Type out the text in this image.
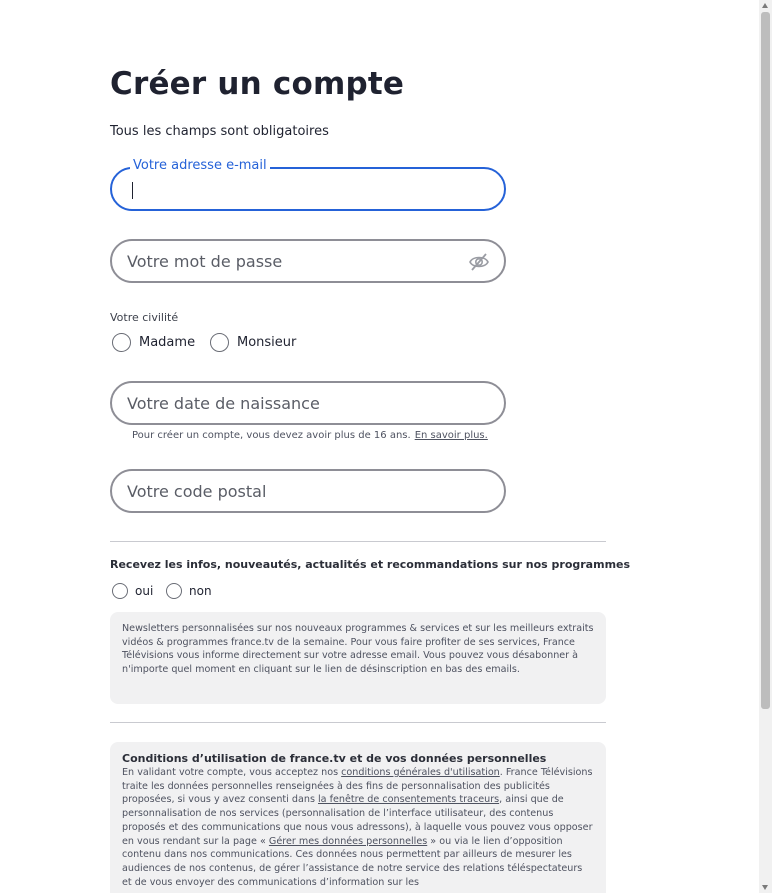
Créer un compte
Tous les champs sont obligatoires
Votre adresse e-mail
Votre mot de passe
Votre civilité
Madame	Monsieur
Votre date de naissance
Pour créer un compte, vous devez avoir plus de 16 ans. En savoir plus.
Votre code postal
Recevez les infos, nouveautés, actualités et recommandations sur nos programmes
oui	non

Newsletters personnalisées sur nos nouveaux programmes & services et sur les meilleurs extraits vidéos & programmes france.tv de la semaine. Pour vous faire profiter de ses services, France Télévisions vous informe directement sur votre adresse email. Vous pouvez vous désabonner à n'importe quel moment en cliquant sur le lien de désinscription en bas des emails.

Conditions d’utilisation de france.tv et de vos données personnelles

En validant votre compte, vous acceptez nos conditions générales d'utilisation. France Télévisions traite les données personnelles renseignées à des fins de personnalisation des publicités proposées, si vous y avez consenti dans la fenêtre de consentements traceurs, ainsi que de personnalisation de nos services (personnalisation de l’interface utilisateur, des contenus proposés et des communications que nous vous adressons), à laquelle vous pouvez vous opposer en vous rendant sur la page « Gérer mes données personnelles » ou via le lien d’opposition contenu dans nos communications. Ces données nous permettent par ailleurs de mesurer les audiences de nos contenus, de gérer l’assistance de notre service des relations téléspectateurs et de vous envoyer des communications d’information sur les
